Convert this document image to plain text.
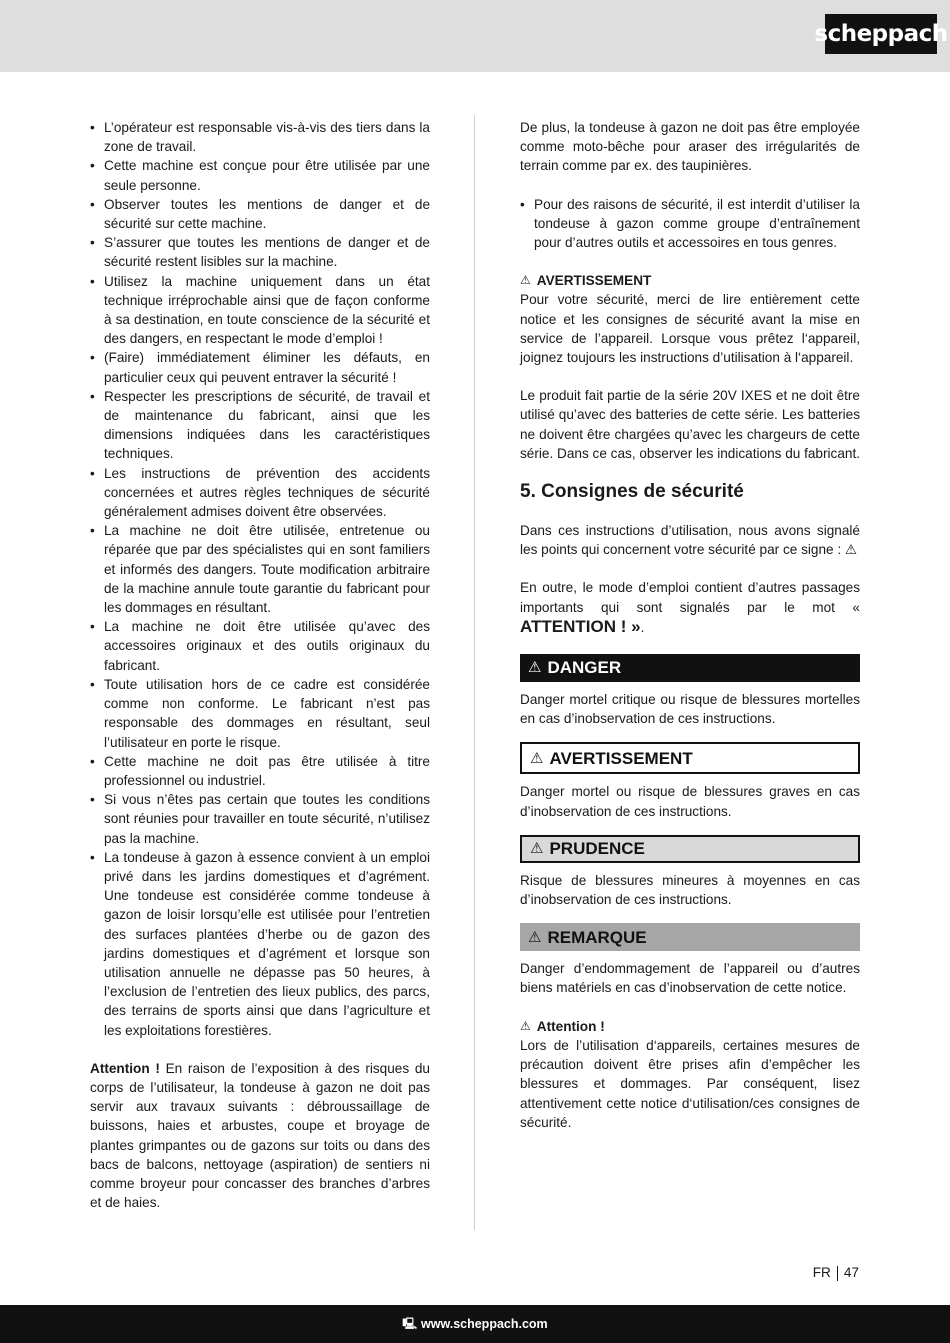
scheppach
• L’opérateur est responsable vis-à-vis des tiers dans la zone de travail.
• Cette machine est conçue pour être utilisée par une seule personne.
• Observer toutes les mentions de danger et de sécurité sur cette machine.
• S’assurer que toutes les mentions de danger et de sécurité restent lisibles sur la machine.
• Utilisez la machine uniquement dans un état technique irréprochable ainsi que de façon conforme à sa destination, en toute conscience de la sécurité et des dangers, en respectant le mode d’emploi !
• (Faire) immédiatement éliminer les défauts, en particulier ceux qui peuvent entraver la sécurité !
• Respecter les prescriptions de sécurité, de travail et de maintenance du fabricant, ainsi que les dimensions indiquées dans les caractéristiques techniques.
• Les instructions de prévention des accidents concernées et autres règles techniques de sécurité généralement admises doivent être observées.
• La machine ne doit être utilisée, entretenue ou réparée que par des spécialistes qui en sont familiers et informés des dangers. Toute modification arbitraire de la machine annule toute garantie du fabricant pour les dommages en résultant.
• La machine ne doit être utilisée qu’avec des accessoires originaux et des outils originaux du fabricant.
• Toute utilisation hors de ce cadre est considérée comme non conforme. Le fabricant n’est pas responsable des dommages en résultant, seul l’utilisateur en porte le risque.
• Cette machine ne doit pas être utilisée à titre professionnel ou industriel.
• Si vous n’êtes pas certain que toutes les conditions sont réunies pour travailler en toute sécurité, n’utilisez pas la machine.
• La tondeuse à gazon à essence convient à un emploi privé dans les jardins domestiques et d’agrément. Une tondeuse est considérée comme tondeuse à gazon de loisir lorsqu’elle est utilisée pour l’entretien des surfaces plantées d’herbe ou de gazon des jardins domestiques et d’agrément et lorsque son utilisation annuelle ne dépasse pas 50 heures, à l’exclusion de l’entretien des lieux publics, des parcs, des terrains de sports ainsi que dans l’agriculture et les exploitations forestières.

Attention ! En raison de l’exposition à des risques du corps de l’utilisateur, la tondeuse à gazon ne doit pas servir aux travaux suivants : débroussaillage de buissons, haies et arbustes, coupe et broyage de plantes grimpantes ou de gazons sur toits ou dans des bacs de balcons, nettoyage (aspiration) de sentiers ni comme broyeur pour concasser des branches d’arbres et de haies.

De plus, la tondeuse à gazon ne doit pas être employée comme moto-bêche pour araser des irrégularités de terrain comme par ex. des taupinières.

• Pour des raisons de sécurité, il est interdit d’utiliser la tondeuse à gazon comme groupe d’entraînement pour d’autres outils et accessoires en tous genres.
⚠ AVERTISSEMENT

Pour votre sécurité, merci de lire entièrement cette notice et les consignes de sécurité avant la mise en service de l’appareil. Lorsque vous prêtez l‘appareil, joignez toujours les instructions d’utilisation à l‘appareil.

Le produit fait partie de la série 20V IXES et ne doit être utilisé qu’avec des batteries de cette série. Les batteries ne doivent être chargées qu’avec les chargeurs de cette série. Dans ce cas, observer les indications du fabricant.

5. Consignes de sécurité

Dans ces instructions d’utilisation, nous avons signalé les points qui concernent votre sécurité par ce signe : ⚠

En outre, le mode d’emploi contient d’autres passages importants qui sont signalés par le mot « ATTENTION ! ».

⚠ DANGER

Danger mortel critique ou risque de blessures mortelles en cas d’inobservation de ces instructions.

⚠ AVERTISSEMENT

Danger mortel ou risque de blessures graves en cas d’inobservation de ces instructions.

⚠ PRUDENCE

Risque de blessures mineures à moyennes en cas d’inobservation de ces instructions.

⚠ REMARQUE

Danger d’endommagement de l’appareil ou d’autres biens matériels en cas d’inobservation de cette notice.

⚠ Attention !

Lors de l’utilisation d‘appareils, certaines mesures de précaution doivent être prises afin d’empêcher les blessures et dommages. Par conséquent, lisez attentivement cette notice d‘utilisation/ces consignes de sécurité.

FR 47
🖳 www.scheppach.com
